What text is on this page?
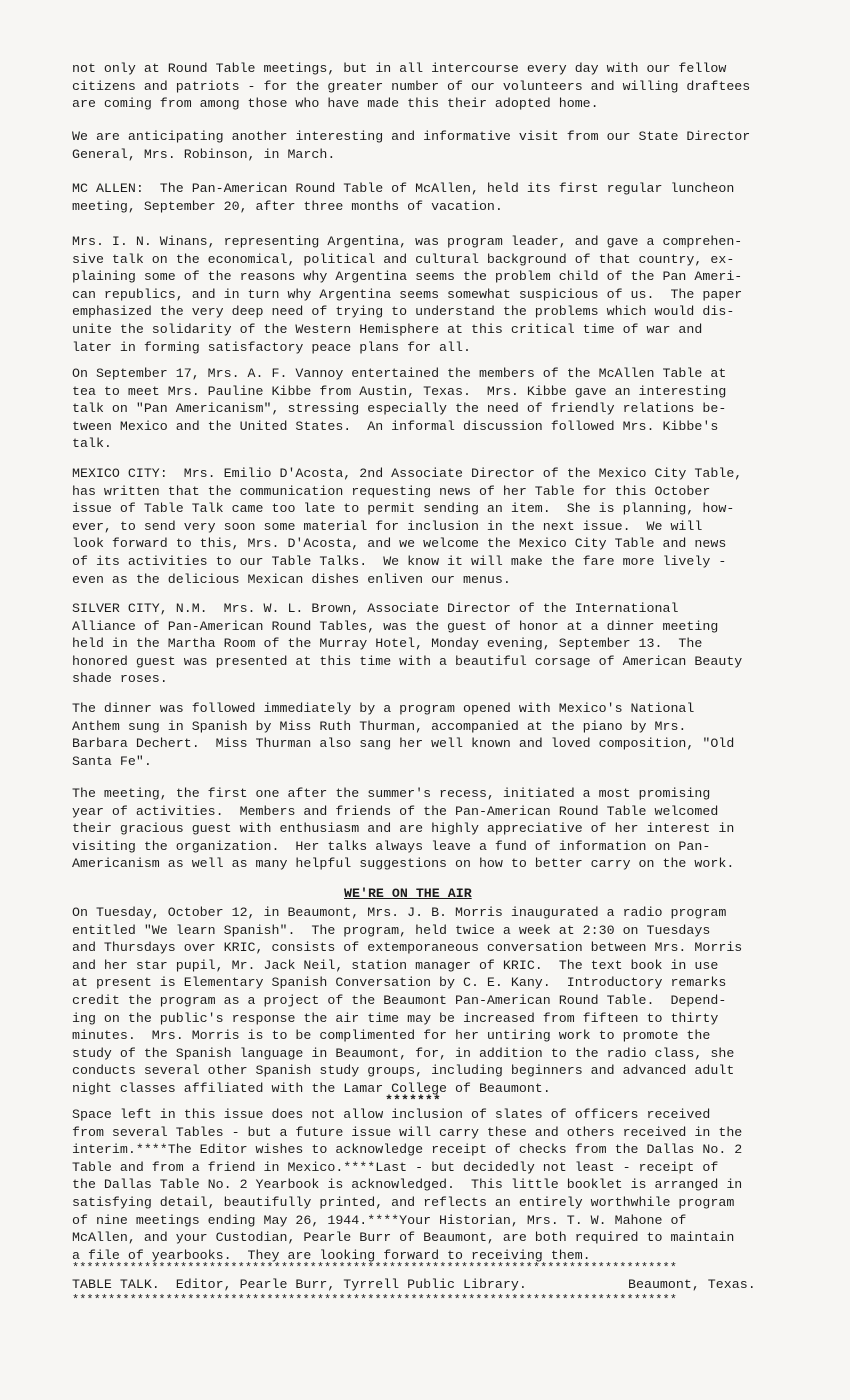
not only at Round Table meetings, but in all intercourse every day with our fellow
citizens and patriots - for the greater number of our volunteers and willing draftees
are coming from among those who have made this their adopted home.

We are anticipating another interesting and informative visit from our State Director
General, Mrs. Robinson, in March.

MC ALLEN:  The Pan-American Round Table of McAllen, held its first regular luncheon
meeting, September 20, after three months of vacation.

Mrs. I. N. Winans, representing Argentina, was program leader, and gave a comprehen-
sive talk on the economical, political and cultural background of that country, ex-
plaining some of the reasons why Argentina seems the problem child of the Pan Ameri-
can republics, and in turn why Argentina seems somewhat suspicious of us.  The paper
emphasized the very deep need of trying to understand the problems which would dis-
unite the solidarity of the Western Hemisphere at this critical time of war and
later in forming satisfactory peace plans for all.

On September 17, Mrs. A. F. Vannoy entertained the members of the McAllen Table at
tea to meet Mrs. Pauline Kibbe from Austin, Texas.  Mrs. Kibbe gave an interesting
talk on "Pan Americanism", stressing especially the need of friendly relations be-
tween Mexico and the United States.  An informal discussion followed Mrs. Kibbe's
talk.

MEXICO CITY:  Mrs. Emilio D'Acosta, 2nd Associate Director of the Mexico City Table,
has written that the communication requesting news of her Table for this October
issue of Table Talk came too late to permit sending an item.  She is planning, how-
ever, to send very soon some material for inclusion in the next issue.  We will
look forward to this, Mrs. D'Acosta, and we welcome the Mexico City Table and news
of its activities to our Table Talks.  We know it will make the fare more lively -
even as the delicious Mexican dishes enliven our menus.

SILVER CITY, N.M.  Mrs. W. L. Brown, Associate Director of the International
Alliance of Pan-American Round Tables, was the guest of honor at a dinner meeting
held in the Martha Room of the Murray Hotel, Monday evening, September 13.  The
honored guest was presented at this time with a beautiful corsage of American Beauty
shade roses.

The dinner was followed immediately by a program opened with Mexico's National
Anthem sung in Spanish by Miss Ruth Thurman, accompanied at the piano by Mrs.
Barbara Dechert.  Miss Thurman also sang her well known and loved composition, "Old
Santa Fe".

The meeting, the first one after the summer's recess, initiated a most promising
year of activities.  Members and friends of the Pan-American Round Table welcomed
their gracious guest with enthusiasm and are highly appreciative of her interest in
visiting the organization.  Her talks always leave a fund of information on Pan-
Americanism as well as many helpful suggestions on how to better carry on the work.

WE'RE ON THE AIR

On Tuesday, October 12, in Beaumont, Mrs. J. B. Morris inaugurated a radio program
entitled "We learn Spanish".  The program, held twice a week at 2:30 on Tuesdays
and Thursdays over KRIC, consists of extemporaneous conversation between Mrs. Morris
and her star pupil, Mr. Jack Neil, station manager of KRIC.  The text book in use
at present is Elementary Spanish Conversation by C. E. Kany.  Introductory remarks
credit the program as a project of the Beaumont Pan-American Round Table.  Depend-
ing on the public's response the air time may be increased from fifteen to thirty
minutes.  Mrs. Morris is to be complimented for her untiring work to promote the
study of the Spanish language in Beaumont, for, in addition to the radio class, she
conducts several other Spanish study groups, including beginners and advanced adult
night classes affiliated with the Lamar College of Beaumont.

*******

Space left in this issue does not allow inclusion of slates of officers received
from several Tables - but a future issue will carry these and others received in the
interim.****The Editor wishes to acknowledge receipt of checks from the Dallas No. 2
Table and from a friend in Mexico.****Last - but decidedly not least - receipt of
the Dallas Table No. 2 Yearbook is acknowledged.  This little booklet is arranged in
satisfying detail, beautifully printed, and reflects an entirely worthwhile program
of nine meetings ending May 26, 1944.****Your Historian, Mrs. T. W. Mahone of
McAllen, and your Custodian, Pearle Burr of Beaumont, are both required to maintain
a file of yearbooks.  They are looking forward to receiving them.

************************************************************************************
TABLE TALK.  Editor, Pearle Burr, Tyrrell Public Library.	Beaumont, Texas.
************************************************************************************
